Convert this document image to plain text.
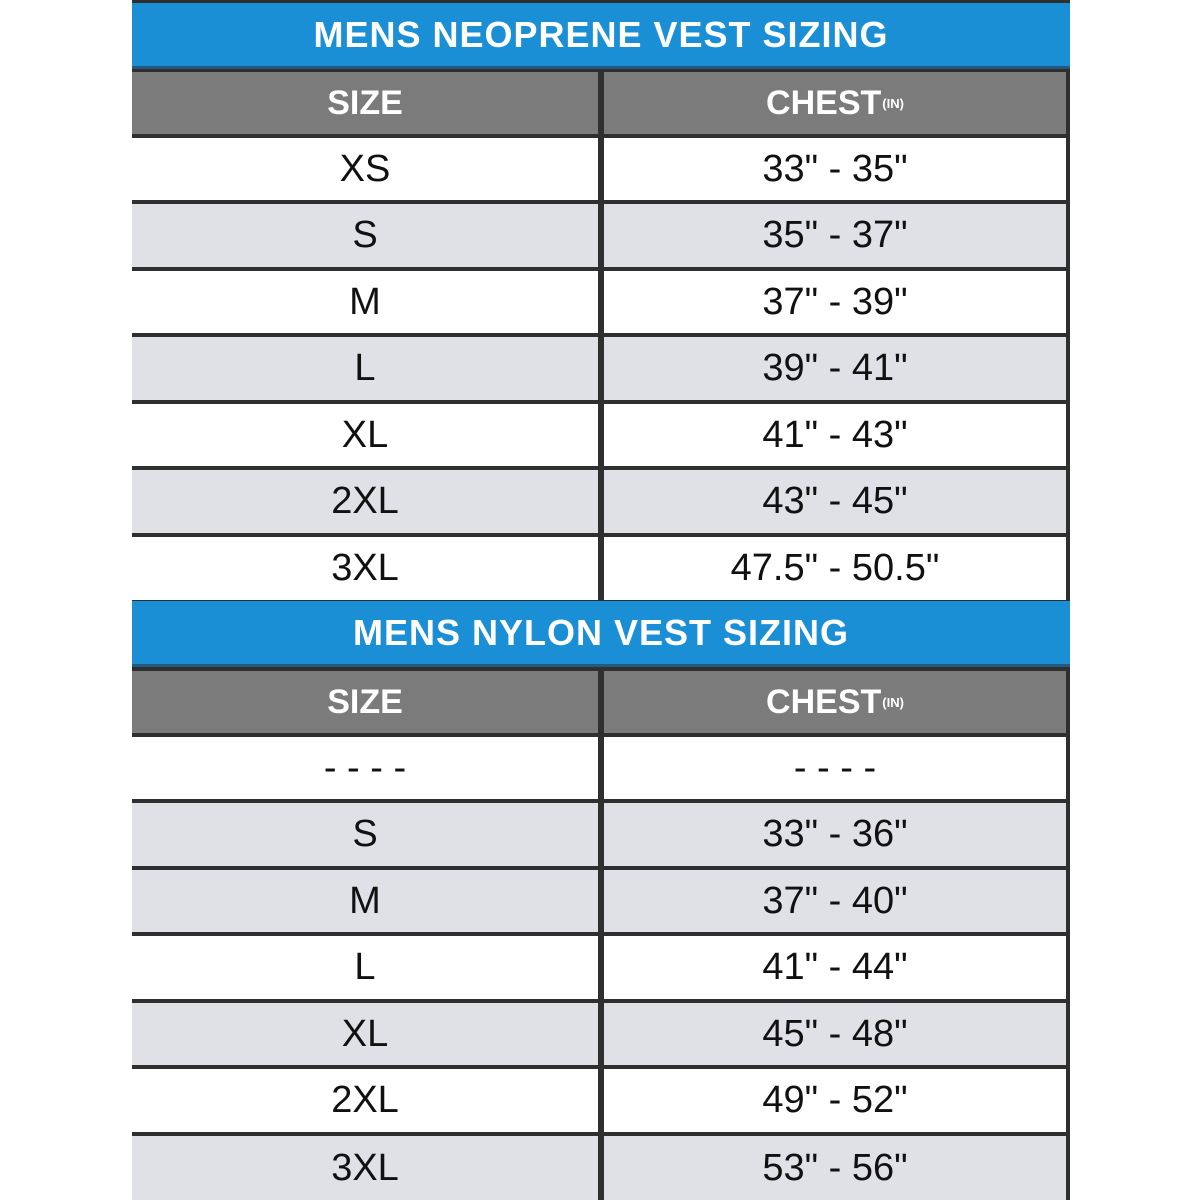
MENS NEOPRENE VEST SIZING
SIZE	CHEST (IN)
XS	33" - 35"
S	35" - 37"
M	37" - 39"
L	39" - 41"
XL	41" - 43"
2XL	43" - 45"
3XL	47.5" - 50.5"
MENS NYLON VEST SIZING
SIZE	CHEST (IN)
- - - -	- - - -
S	33" - 36"
M	37" - 40"
L	41" - 44"
XL	45" - 48"
2XL	49" - 52"
3XL	53" - 56"
